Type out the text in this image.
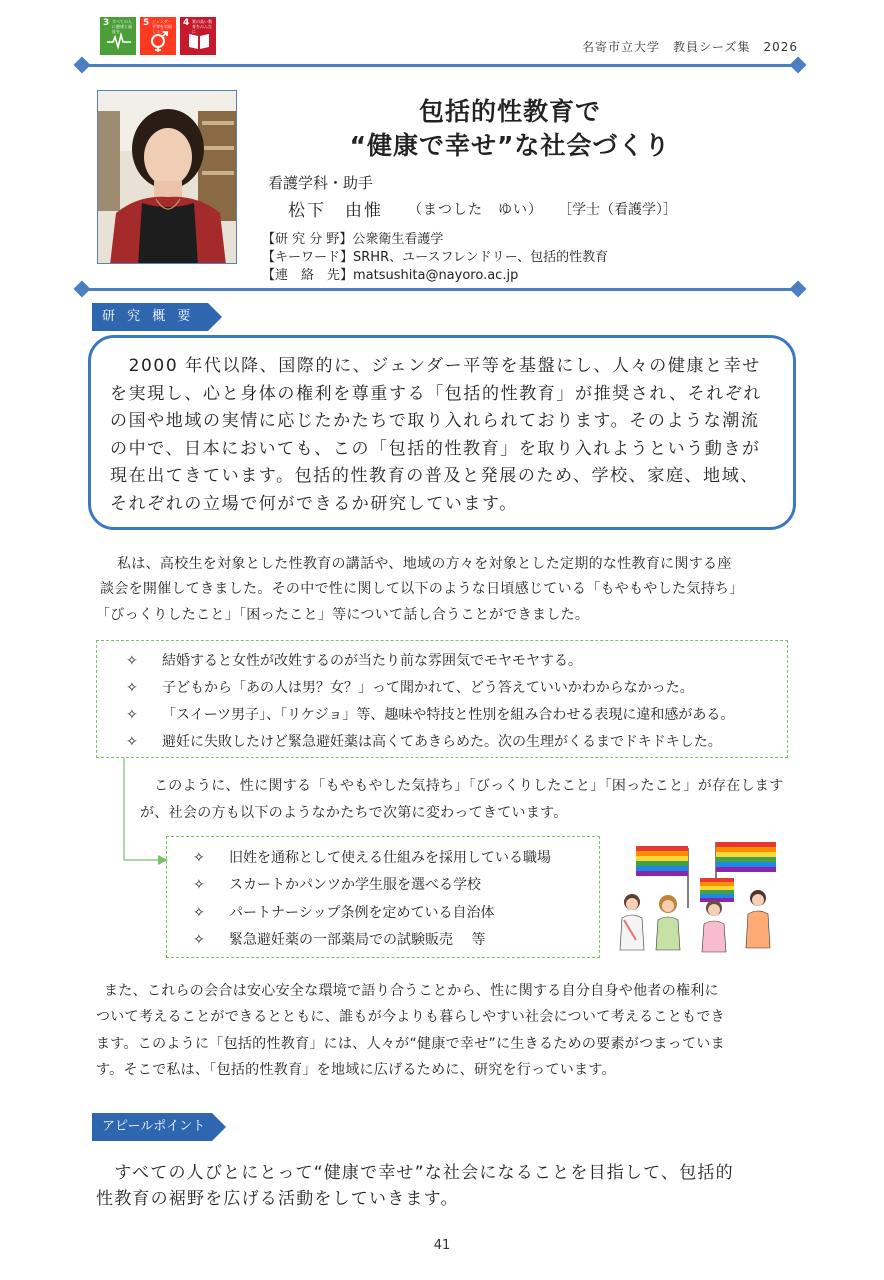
3 すべての人に健康と福祉を
5 ジェンダー平等を実現しよう
4 質の高い教育をみんなに
名寄市立大学　教員シーズ集　2026
包括的性教育で
“健康で幸せ”な社会づくり
看護学科・助手
松下　由惟 （まつした　ゆい） ［学士（看護学）］
【研 究 分 野】公衆衛生看護学
【キーワード】SRHR、ユースフレンドリー、包括的性教育
【連　絡　先】matsushita@nayoro.ac.jp
研 究 概 要
　2000 年代以降、国際的に、ジェンダー平等を基盤にし、人々の健康と幸せ
を実現し、心と身体の権利を尊重する「包括的性教育」が推奨され、それぞれ
の国や地域の実情に応じたかたちで取り入れられております。そのような潮流
の中で、日本においても、この「包括的性教育」を取り入れようという動きが
現在出てきています。包括的性教育の普及と発展のため、学校、家庭、地域、
それぞれの立場で何ができるか研究しています。
私は、高校生を対象とした性教育の講話や、地域の方々を対象とした定期的な性教育に関する座
談会を開催してきました。その中で性に関して以下のような日頃感じている「もやもやした気持ち」
「びっくりしたこと」「困ったこと」等について話し合うことができました。
✧ 結婚すると女性が改姓するのが当たり前な雰囲気でモヤモヤする。
✧ 子どもから「あの人は男？女？」って聞かれて、どう答えていいかわからなかった。
✧ 「スイーツ男子」、「リケジョ」等、趣味や特技と性別を組み合わせる表現に違和感がある。
✧ 避妊に失敗したけど緊急避妊薬は高くてあきらめた。次の生理がくるまでドキドキした。
このように、性に関する「もやもやした気持ち」「びっくりしたこと」「困ったこと」が存在します
が、社会の方も以下のようなかたちで次第に変わってきています。
✧ 旧姓を通称として使える仕組みを採用している職場
✧ スカートかパンツか学生服を選べる学校
✧ パートナーシップ条例を定めている自治体
✧ 緊急避妊薬の一部薬局での試験販売　 等
また、これらの会合は安心安全な環境で語り合うことから、性に関する自分自身や他者の権利に
ついて考えることができるとともに、誰もが今よりも暮らしやすい社会について考えることもでき
ます。このように「包括的性教育」には、人々が“健康で幸せ”に生きるための要素がつまっていま
す。そこで私は、「包括的性教育」を地域に広げるために、研究を行っています。
アピールポイント
　すべての人びとにとって“健康で幸せ”な社会になることを目指して、包括的
性教育の裾野を広げる活動をしていきます。
41
